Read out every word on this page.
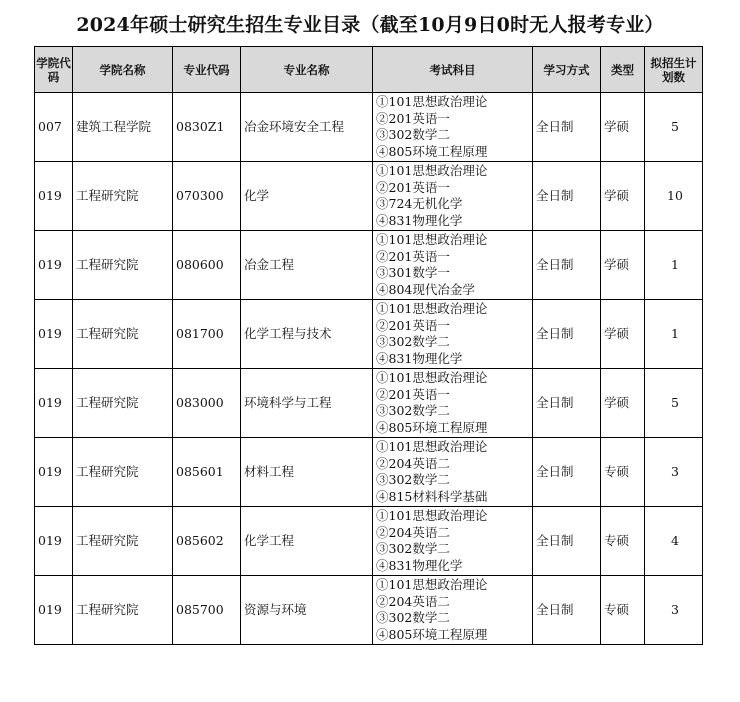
2024年硕士研究生招生专业目录（截至10月9日0时无人报考专业）
学院代码	学院名称	专业代码	专业名称	考试科目	学习方式	类型	拟招生计划数
007	建筑工程学院	0830Z1	冶金环境安全工程	①101思想政治理论
②201英语一
③302数学二
④805环境工程原理	全日制	学硕	5
019	工程研究院	070300	化学	①101思想政治理论
②201英语一
③724无机化学
④831物理化学	全日制	学硕	10
019	工程研究院	080600	冶金工程	①101思想政治理论
②201英语一
③301数学一
④804现代冶金学	全日制	学硕	1
019	工程研究院	081700	化学工程与技术	①101思想政治理论
②201英语一
③302数学二
④831物理化学	全日制	学硕	1
019	工程研究院	083000	环境科学与工程	①101思想政治理论
②201英语一
③302数学二
④805环境工程原理	全日制	学硕	5
019	工程研究院	085601	材料工程	①101思想政治理论
②204英语二
③302数学二
④815材料科学基础	全日制	专硕	3
019	工程研究院	085602	化学工程	①101思想政治理论
②204英语二
③302数学二
④831物理化学	全日制	专硕	4
019	工程研究院	085700	资源与环境	①101思想政治理论
②204英语二
③302数学二
④805环境工程原理	全日制	专硕	3
